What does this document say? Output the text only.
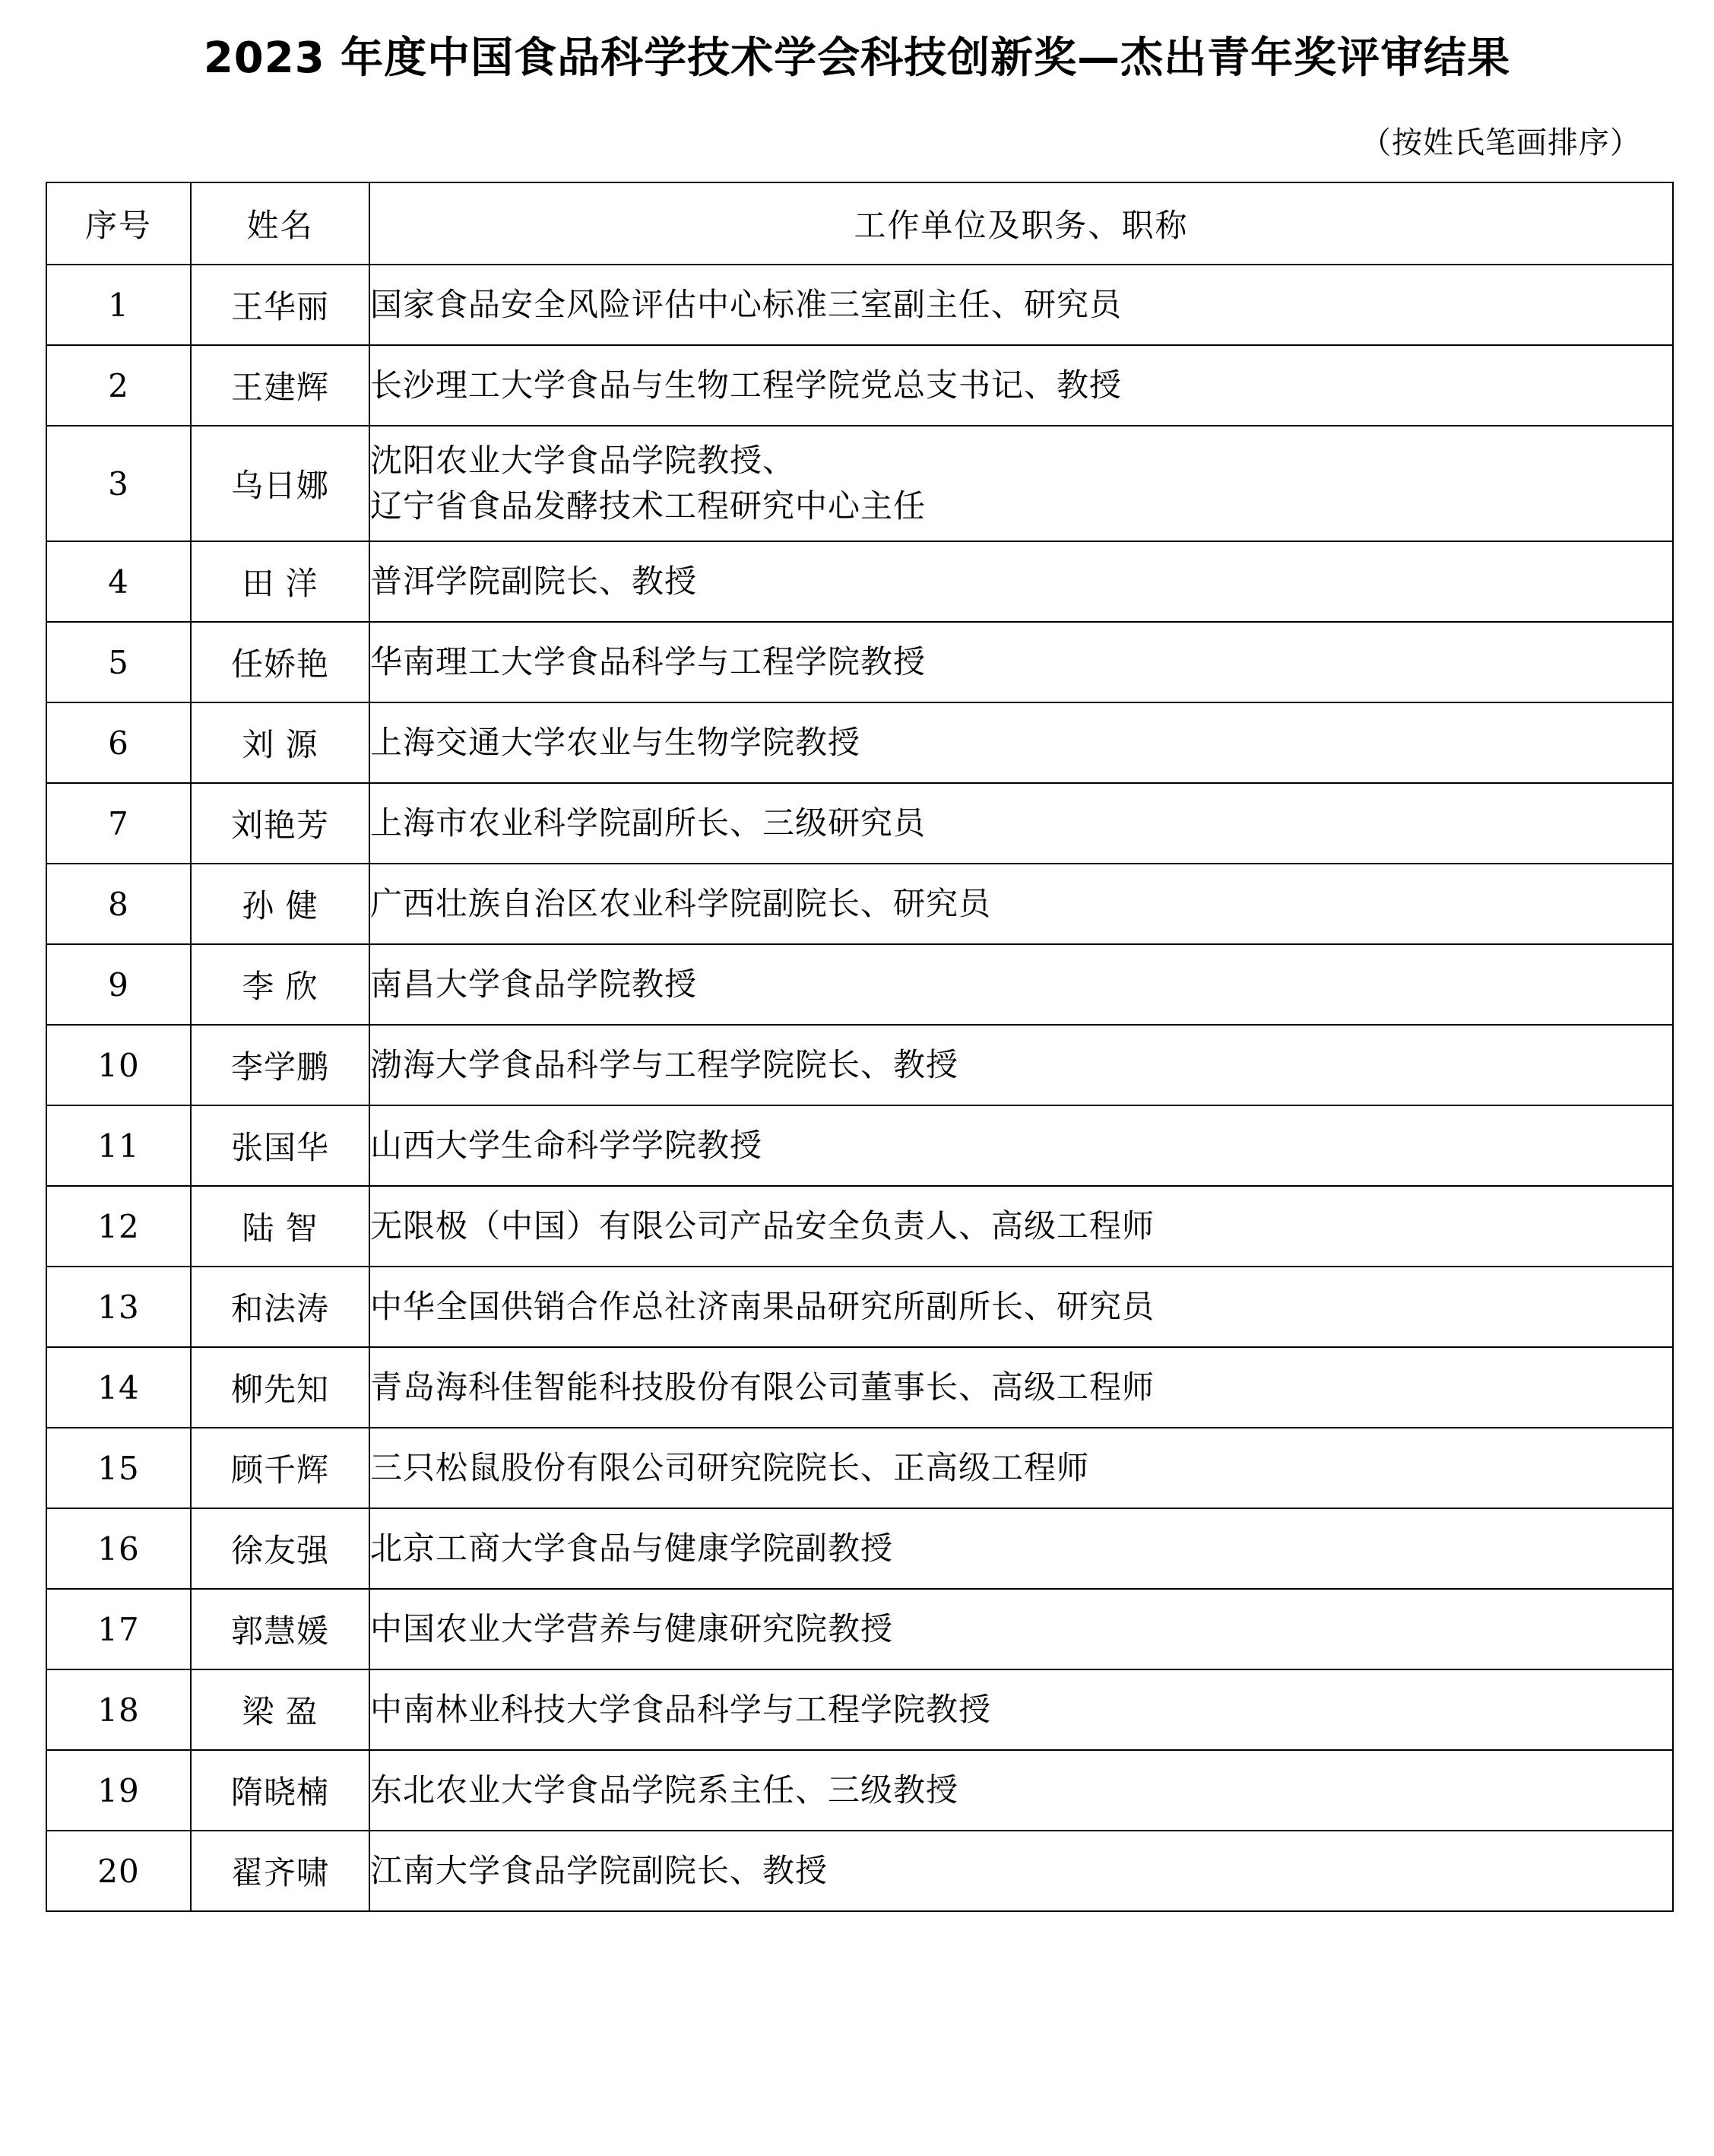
2023 年度中国食品科学技术学会科技创新奖—杰出青年奖评审结果
（按姓氏笔画排序）
序号	姓名	工作单位及职务、职称
1	王华丽	国家食品安全风险评估中心标准三室副主任、研究员

2	王建辉	长沙理工大学食品与生物工程学院党总支书记、教授

3	乌日娜	沈阳农业大学食品学院教授、
辽宁省食品发酵技术工程研究中心主任

4	田 洋	普洱学院副院长、教授

5	任娇艳	华南理工大学食品科学与工程学院教授

6	刘 源	上海交通大学农业与生物学院教授

7	刘艳芳	上海市农业科学院副所长、三级研究员

8	孙 健	广西壮族自治区农业科学院副院长、研究员

9	李 欣	南昌大学食品学院教授

10	李学鹏	渤海大学食品科学与工程学院院长、教授

11	张国华	山西大学生命科学学院教授

12	陆 智	无限极（中国）有限公司产品安全负责人、高级工程师

13	和法涛	中华全国供销合作总社济南果品研究所副所长、研究员

14	柳先知	青岛海科佳智能科技股份有限公司董事长、高级工程师

15	顾千辉	三只松鼠股份有限公司研究院院长、正高级工程师

16	徐友强	北京工商大学食品与健康学院副教授

17	郭慧媛	中国农业大学营养与健康研究院教授

18	梁 盈	中南林业科技大学食品科学与工程学院教授

19	隋晓楠	东北农业大学食品学院系主任、三级教授

20	翟齐啸	江南大学食品学院副院长、教授
